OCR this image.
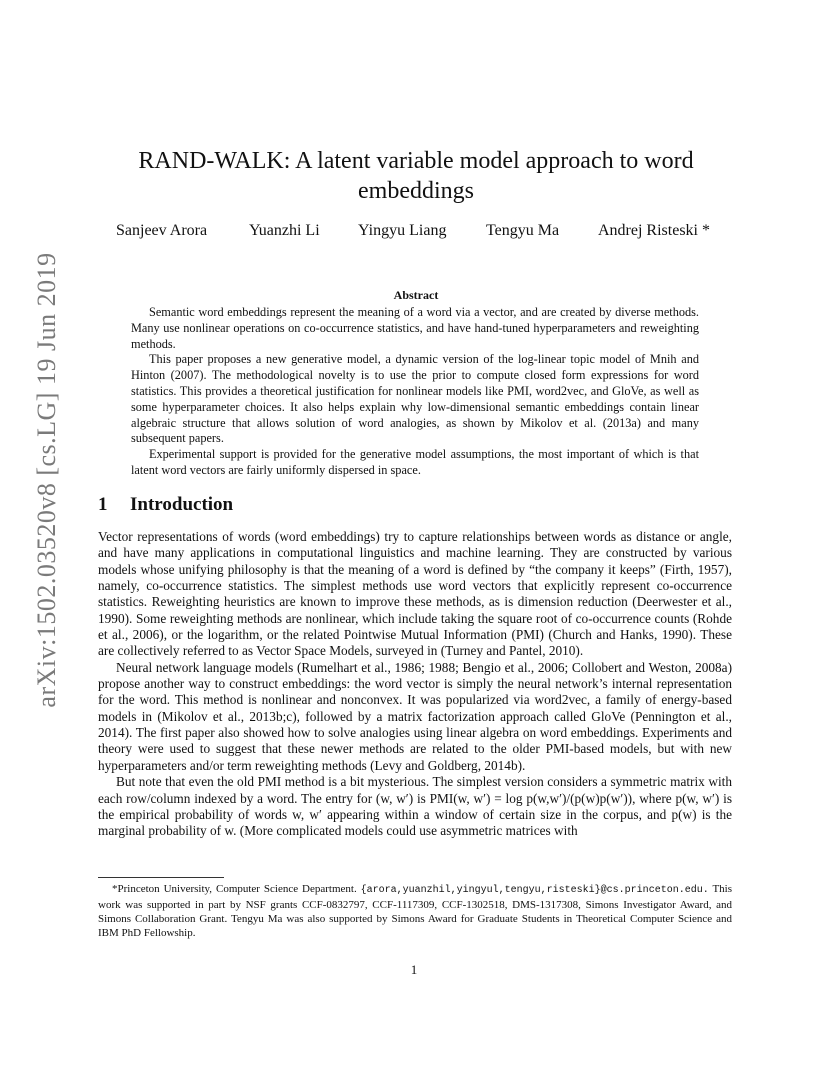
arXiv:1502.03520v8 [cs.LG] 19 Jun 2019
RAND-WALK: A latent variable model approach to word embeddings
Sanjeev Arora	Yuanzhi Li Yingyu Liang Tengyu Ma Andrej Risteski *
Abstract

Semantic word embeddings represent the meaning of a word via a vector, and are created by diverse methods. Many use nonlinear operations on co-occurrence statistics, and have hand-tuned hyperparameters and reweighting methods.

This paper proposes a new generative model, a dynamic version of the log-linear topic model of Mnih and Hinton (2007). The methodological novelty is to use the prior to compute closed form expressions for word statistics. This provides a theoretical justification for nonlinear models like PMI, word2vec, and GloVe, as well as some hyperparameter choices. It also helps explain why low-dimensional semantic embeddings contain linear algebraic structure that allows solution of word analogies, as shown by Mikolov et al. (2013a) and many subsequent papers.

Experimental support is provided for the generative model assumptions, the most important of which is that latent word vectors are fairly uniformly dispersed in space.

1 Introduction

Vector representations of words (word embeddings) try to capture relationships between words as distance or angle, and have many applications in computational linguistics and machine learning. They are constructed by various models whose unifying philosophy is that the meaning of a word is defined by “the company it keeps” (Firth, 1957), namely, co-occurrence statistics. The simplest methods use word vectors that explicitly represent co-occurrence statistics. Reweighting heuristics are known to improve these methods, as is dimension reduction (Deerwester et al., 1990). Some reweighting methods are nonlinear, which include taking the square root of co-occurrence counts (Rohde et al., 2006), or the logarithm, or the related Pointwise Mutual Information (PMI) (Church and Hanks, 1990). These are collectively referred to as Vector Space Models, surveyed in (Turney and Pantel, 2010).

Neural network language models (Rumelhart et al., 1986; 1988; Bengio et al., 2006; Collobert and Weston, 2008a) propose another way to construct embeddings: the word vector is simply the neural network’s internal representation for the word. This method is nonlinear and nonconvex. It was popularized via word2vec, a family of energy-based models in (Mikolov et al., 2013b;c), followed by a matrix factorization approach called GloVe (Pennington et al., 2014). The first paper also showed how to solve analogies using linear algebra on word embeddings. Experiments and theory were used to suggest that these newer methods are related to the older PMI-based models, but with new hyperparameters and/or term reweighting methods (Levy and Goldberg, 2014b).

But note that even the old PMI method is a bit mysterious. The simplest version considers a symmetric matrix with each row/column indexed by a word. The entry for (w, w′) is PMI(w, w′) = log p(w,w′)/(p(w)p(w′)), where p(w, w′) is the empirical probability of words w, w′ appearing within a window of certain size in the corpus, and p(w) is the marginal probability of w. (More complicated models could use asymmetric matrices with

*Princeton University, Computer Science Department. {arora,yuanzhil,yingyul,tengyu,risteski}@cs.princeton.edu. This work was supported in part by NSF grants CCF-0832797, CCF-1117309, CCF-1302518, DMS-1317308, Simons Investigator Award, and Simons Collaboration Grant. Tengyu Ma was also supported by Simons Award for Graduate Students in Theoretical Computer Science and IBM PhD Fellowship.
1
